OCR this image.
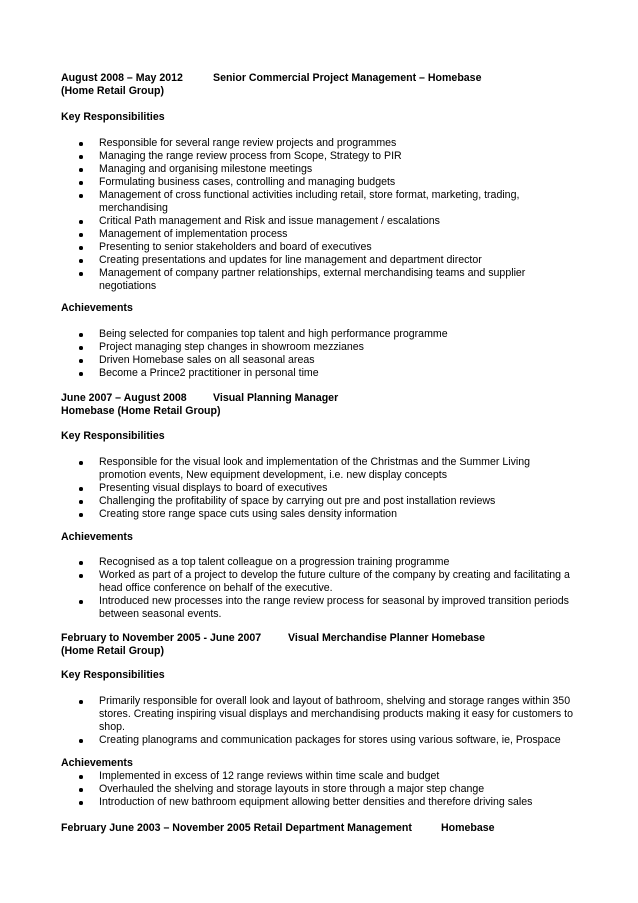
August 2008 – May 2012	Senior Commercial Project Management – Homebase
(Home Retail Group)
Key Responsibilities
Responsible for several range review projects and programmes
Managing the range review process from Scope, Strategy to PIR
Managing and organising milestone meetings
Formulating business cases, controlling and managing budgets
Management of cross functional activities including retail, store format, marketing, trading, merchandising
Critical Path management and Risk and issue management / escalations
Management of implementation process
Presenting to senior stakeholders and board of executives
Creating presentations and updates for line management and department director
Management of company partner relationships, external merchandising teams and supplier negotiations
Achievements
Being selected for companies top talent and high performance programme
Project managing step changes in showroom mezzianes
Driven Homebase sales on all seasonal areas
Become a Prince2 practitioner in personal time
June 2007 – August 2008 Visual Planning Manager
Homebase (Home Retail Group)
Key Responsibilities
Responsible for the visual look and implementation of the Christmas and the Summer Living promotion events, New equipment development, i.e. new display concepts
Presenting visual displays to board of executives
Challenging the profitability of space by carrying out pre and post installation reviews
Creating store range space cuts using sales density information
Achievements
Recognised as a top talent colleague on a progression training programme
Worked as part of a project to develop the future culture of the company by creating and facilitating a head office conference on behalf of the executive.
Introduced new processes into the range review process for seasonal by improved transition periods between seasonal events.
February to November 2005 - June 2007	Visual Merchandise Planner Homebase
(Home Retail Group)
Key Responsibilities
Primarily responsible for overall look and layout of bathroom, shelving and storage ranges within 350 stores. Creating inspiring visual displays and merchandising products making it easy for customers to shop.
Creating planograms and communication packages for stores using various software, ie, Prospace
Achievements
Implemented in excess of 12 range reviews within time scale and budget
Overhauled the shelving and storage layouts in store through a major step change
Introduction of new bathroom equipment allowing better densities and therefore driving sales
February June 2003 – November 2005 Retail Department Management	Homebase
